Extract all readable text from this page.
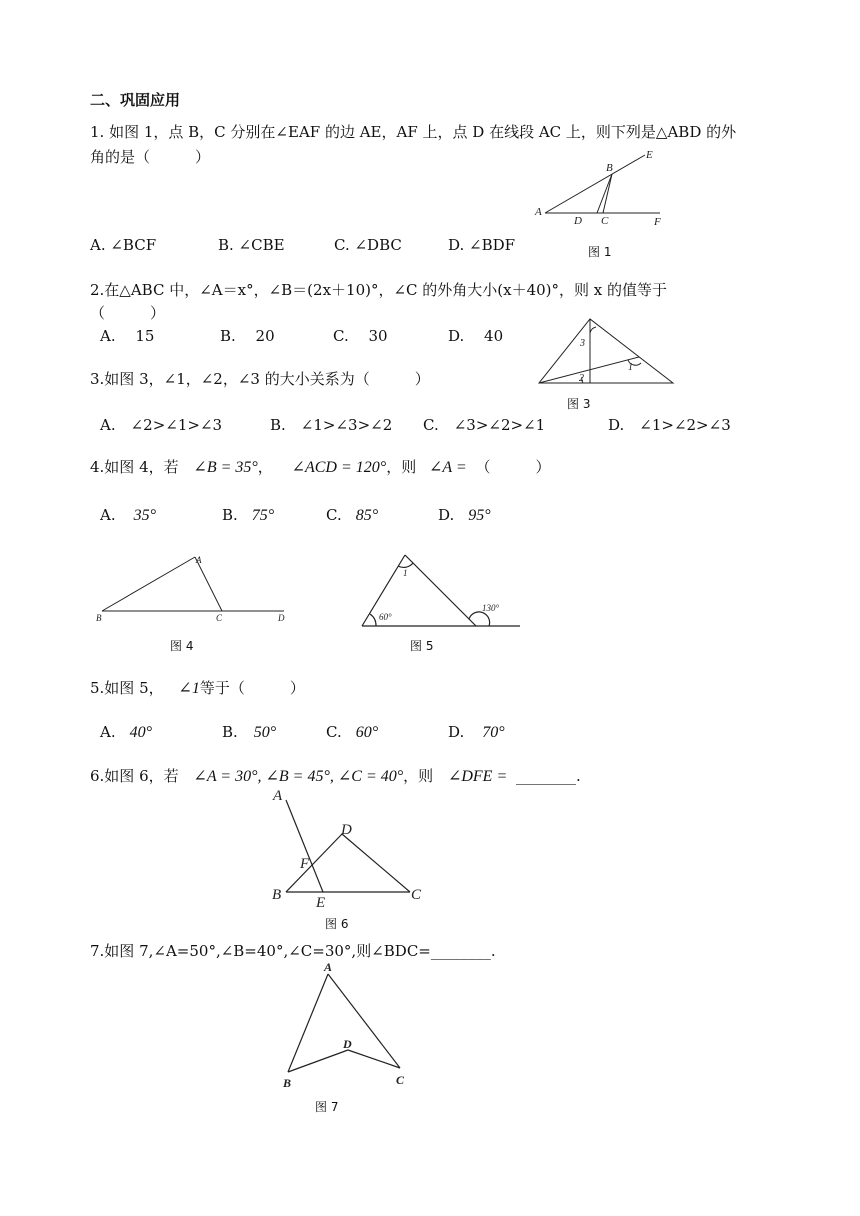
二、巩固应用
1. 如图 1，点 B，C 分别在∠EAF 的边 AE，AF 上，点 D 在线段 AC 上，则下列是△ABD 的外
角的是（　　　）
A
B
C
D
E
F
A. ∠BCF	B. ∠CBE	C. ∠DBC	D. ∠BDF	图 1
2.在△ABC 中，∠A＝x°，∠B＝(2x＋10)°，∠C 的外角大小(x＋40)°，则 x 的值等于
（　　　）
A.　 15	B.　 20	C.　 30	D.　 40	3
2
1
3.如图 3，∠1，∠2，∠3 的大小关系为（　　　）
图 3
A.　∠2>∠1>∠3	B.　∠1>∠3>∠2 C.　∠3>∠2>∠1	D.　∠1>∠2>∠3
4.如图 4，若 ∠B = 35°， ∠ACD = 120°，则 ∠A = （　　　）
A. 35°	B. 75°	C. 85°	D. 95°
A
B	C	D
图 4
1
60°
130°
图 5
5.如图 5， ∠1等于（　　　）
A. 40°	B. 50°	C. 60°	D. 70°
6.如图 6，若 ∠A = 30°, ∠B = 45°, ∠C = 40°，则 ∠DFE = ________.
A
B	C
D
E
F
图 6
7.如图 7,∠A=50°,∠B=40°,∠C=30°,则∠BDC=________.
A
B	C
D
图 7
